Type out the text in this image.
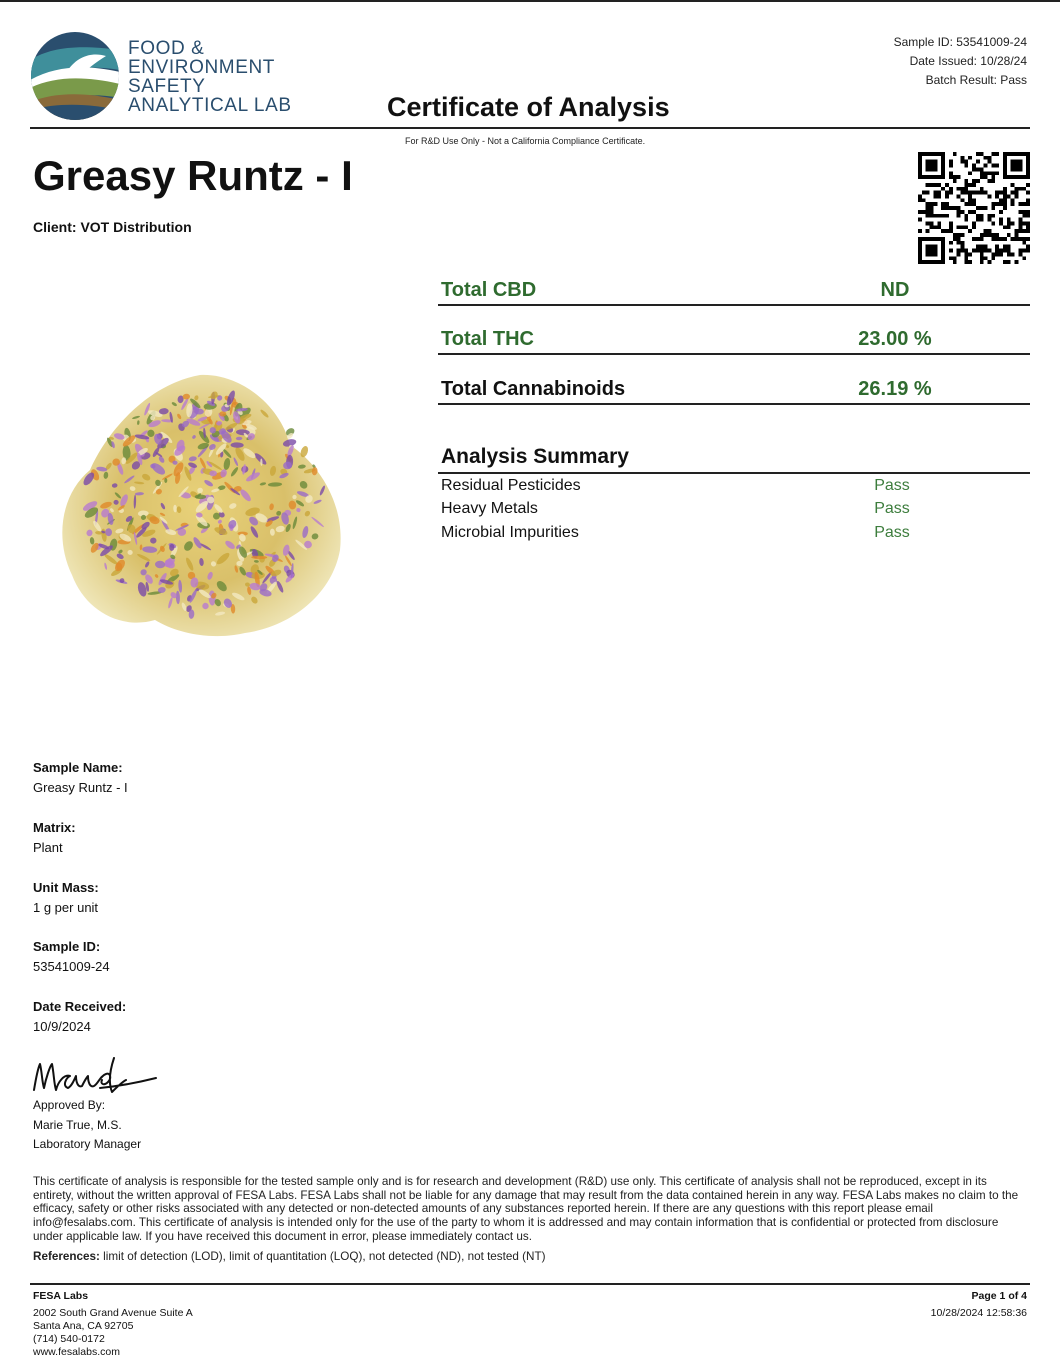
FOOD &
ENVIRONMENT
SAFETY
ANALYTICAL LAB
Sample ID: 53541009-24
Date Issued: 10/28/24
Batch Result: Pass
Certificate of Analysis
For R&D Use Only - Not a California Compliance Certificate.
Greasy Runtz - I
Client: VOT Distribution
Total CBD	ND
Total THC	23.00 %
Total Cannabinoids	26.19 %
Analysis Summary
Residual Pesticides	Pass
Heavy Metals	Pass
Microbial Impurities	Pass
Sample Name:
Greasy Runtz - I
Matrix:
Plant
Unit Mass:
1 g per unit
Sample ID:
53541009-24
Date Received:
10/9/2024
Approved By:
Marie True, M.S.
Laboratory Manager
This certificate of analysis is responsible for the tested sample only and is for research and development (R&D) use only. This certificate of analysis shall not be reproduced, except in its entirety, without the written approval of FESA Labs. FESA Labs shall not be liable for any damage that may result from the data contained herein in any way. FESA Labs makes no claim to the efficacy, safety or other risks associated with any detected or non-detected amounts of any substances reported herein. If there are any questions with this report please email info@fesalabs.com. This certificate of analysis is intended only for the use of the party to whom it is addressed and may contain information that is confidential or protected from disclosure under applicable law. If you have received this document in error, please immediately contact us.
References: limit of detection (LOD), limit of quantitation (LOQ), not detected (ND), not tested (NT)
FESA Labs
2002 South Grand Avenue Suite A
Santa Ana, CA 92705
(714) 540-0172
www.fesalabs.com
Page 1 of 4
10/28/2024 12:58:36
